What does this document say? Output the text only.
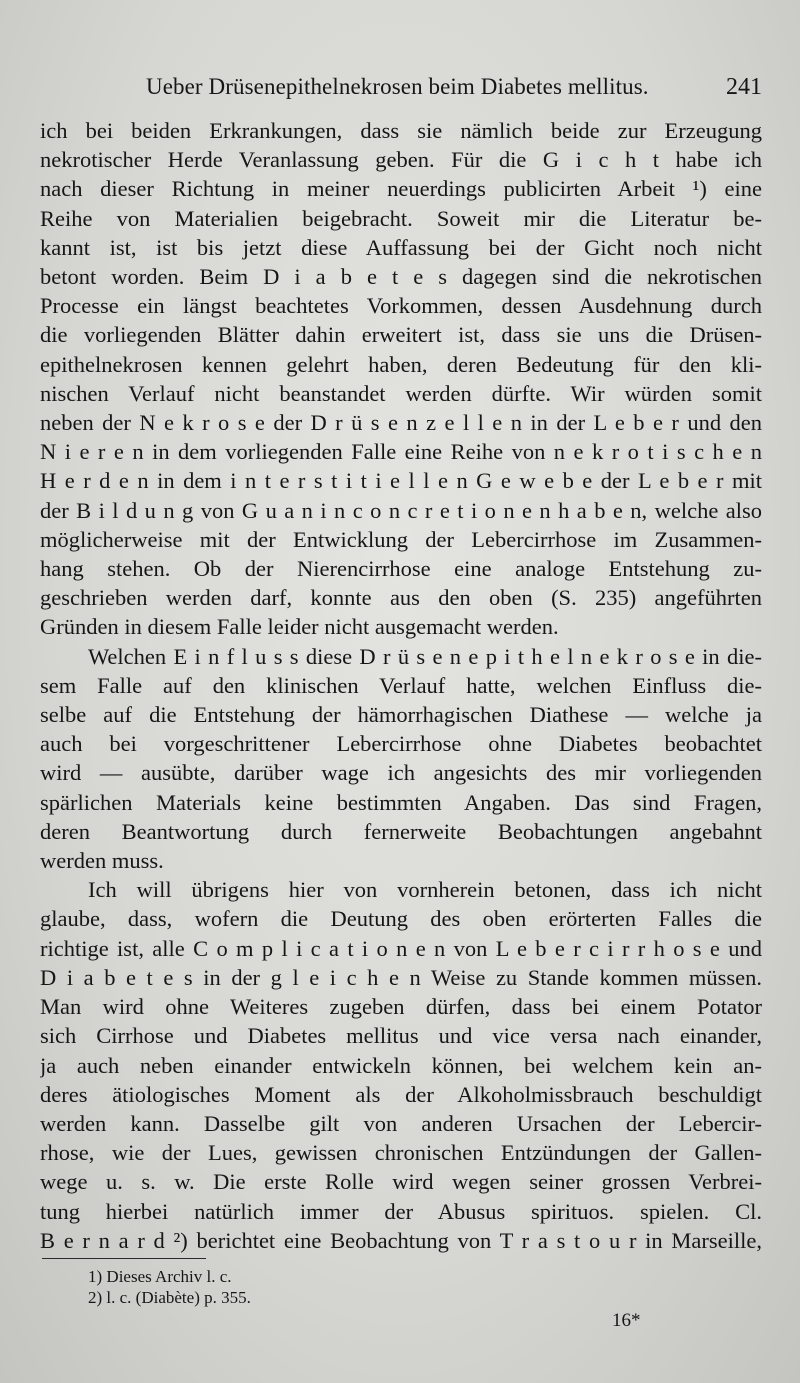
Ueber Drüsenepithelnekrosen beim Diabetes mellitus.	241
ich bei beiden Erkrankungen, dass sie nämlich beide zur Erzeugung
nekrotischer Herde Veranlassung geben. Für die G i c h t habe ich
nach dieser Richtung in meiner neuerdings publicirten Arbeit ¹) eine
Reihe von Materialien beigebracht. Soweit mir die Literatur be-
kannt ist, ist bis jetzt diese Auffassung bei der Gicht noch nicht
betont worden. Beim D i a b e t e s dagegen sind die nekrotischen
Processe ein längst beachtetes Vorkommen, dessen Ausdehnung durch
die vorliegenden Blätter dahin erweitert ist, dass sie uns die Drüsen-
epithelnekrosen kennen gelehrt haben, deren Bedeutung für den kli-
nischen Verlauf nicht beanstandet werden dürfte. Wir würden somit
neben der N e k r o s e der D r ü s e n z e l l e n in der L e b e r und den
N i e r e n in dem vorliegenden Falle eine Reihe von n e k r o t i s c h e n
H e r d e n in dem i n t e r s t i t i e l l e n G e w e b e der L e b e r mit
der B i l d u n g von G u a n i n c o n c r e t i o n e n h a b e n, welche also
möglicherweise mit der Entwicklung der Lebercirrhose im Zusammen-
hang stehen. Ob der Nierencirrhose eine analoge Entstehung zu-
geschrieben werden darf, konnte aus den oben (S. 235) angeführten
Gründen in diesem Falle leider nicht ausgemacht werden.
Welchen E i n f l u s s diese D r ü s e n e p i t h e l n e k r o s e in die-
sem Falle auf den klinischen Verlauf hatte, welchen Einfluss die-
selbe auf die Entstehung der hämorrhagischen Diathese — welche ja
auch bei vorgeschrittener Lebercirrhose ohne Diabetes beobachtet
wird — ausübte, darüber wage ich angesichts des mir vorliegenden
spärlichen Materials keine bestimmten Angaben. Das sind Fragen,
deren Beantwortung durch fernerweite Beobachtungen angebahnt
werden muss.
Ich will übrigens hier von vornherein betonen, dass ich nicht
glaube, dass, wofern die Deutung des oben erörterten Falles die
richtige ist, alle C o m p l i c a t i o n e n von L e b e r c i r r h o s e und
D i a b e t e s in der g l e i c h e n Weise zu Stande kommen müssen.
Man wird ohne Weiteres zugeben dürfen, dass bei einem Potator
sich Cirrhose und Diabetes mellitus und vice versa nach einander,
ja auch neben einander entwickeln können, bei welchem kein an-
deres ätiologisches Moment als der Alkoholmissbrauch beschuldigt
werden kann. Dasselbe gilt von anderen Ursachen der Lebercir-
rhose, wie der Lues, gewissen chronischen Entzündungen der Gallen-
wege u. s. w. Die erste Rolle wird wegen seiner grossen Verbrei-
tung hierbei natürlich immer der Abusus spirituos. spielen. Cl.
B e r n a r d ²) berichtet eine Beobachtung von T r a s t o u r in Marseille,
1) Dieses Archiv l. c.
2) l. c. (Diabète) p. 355.
16*
